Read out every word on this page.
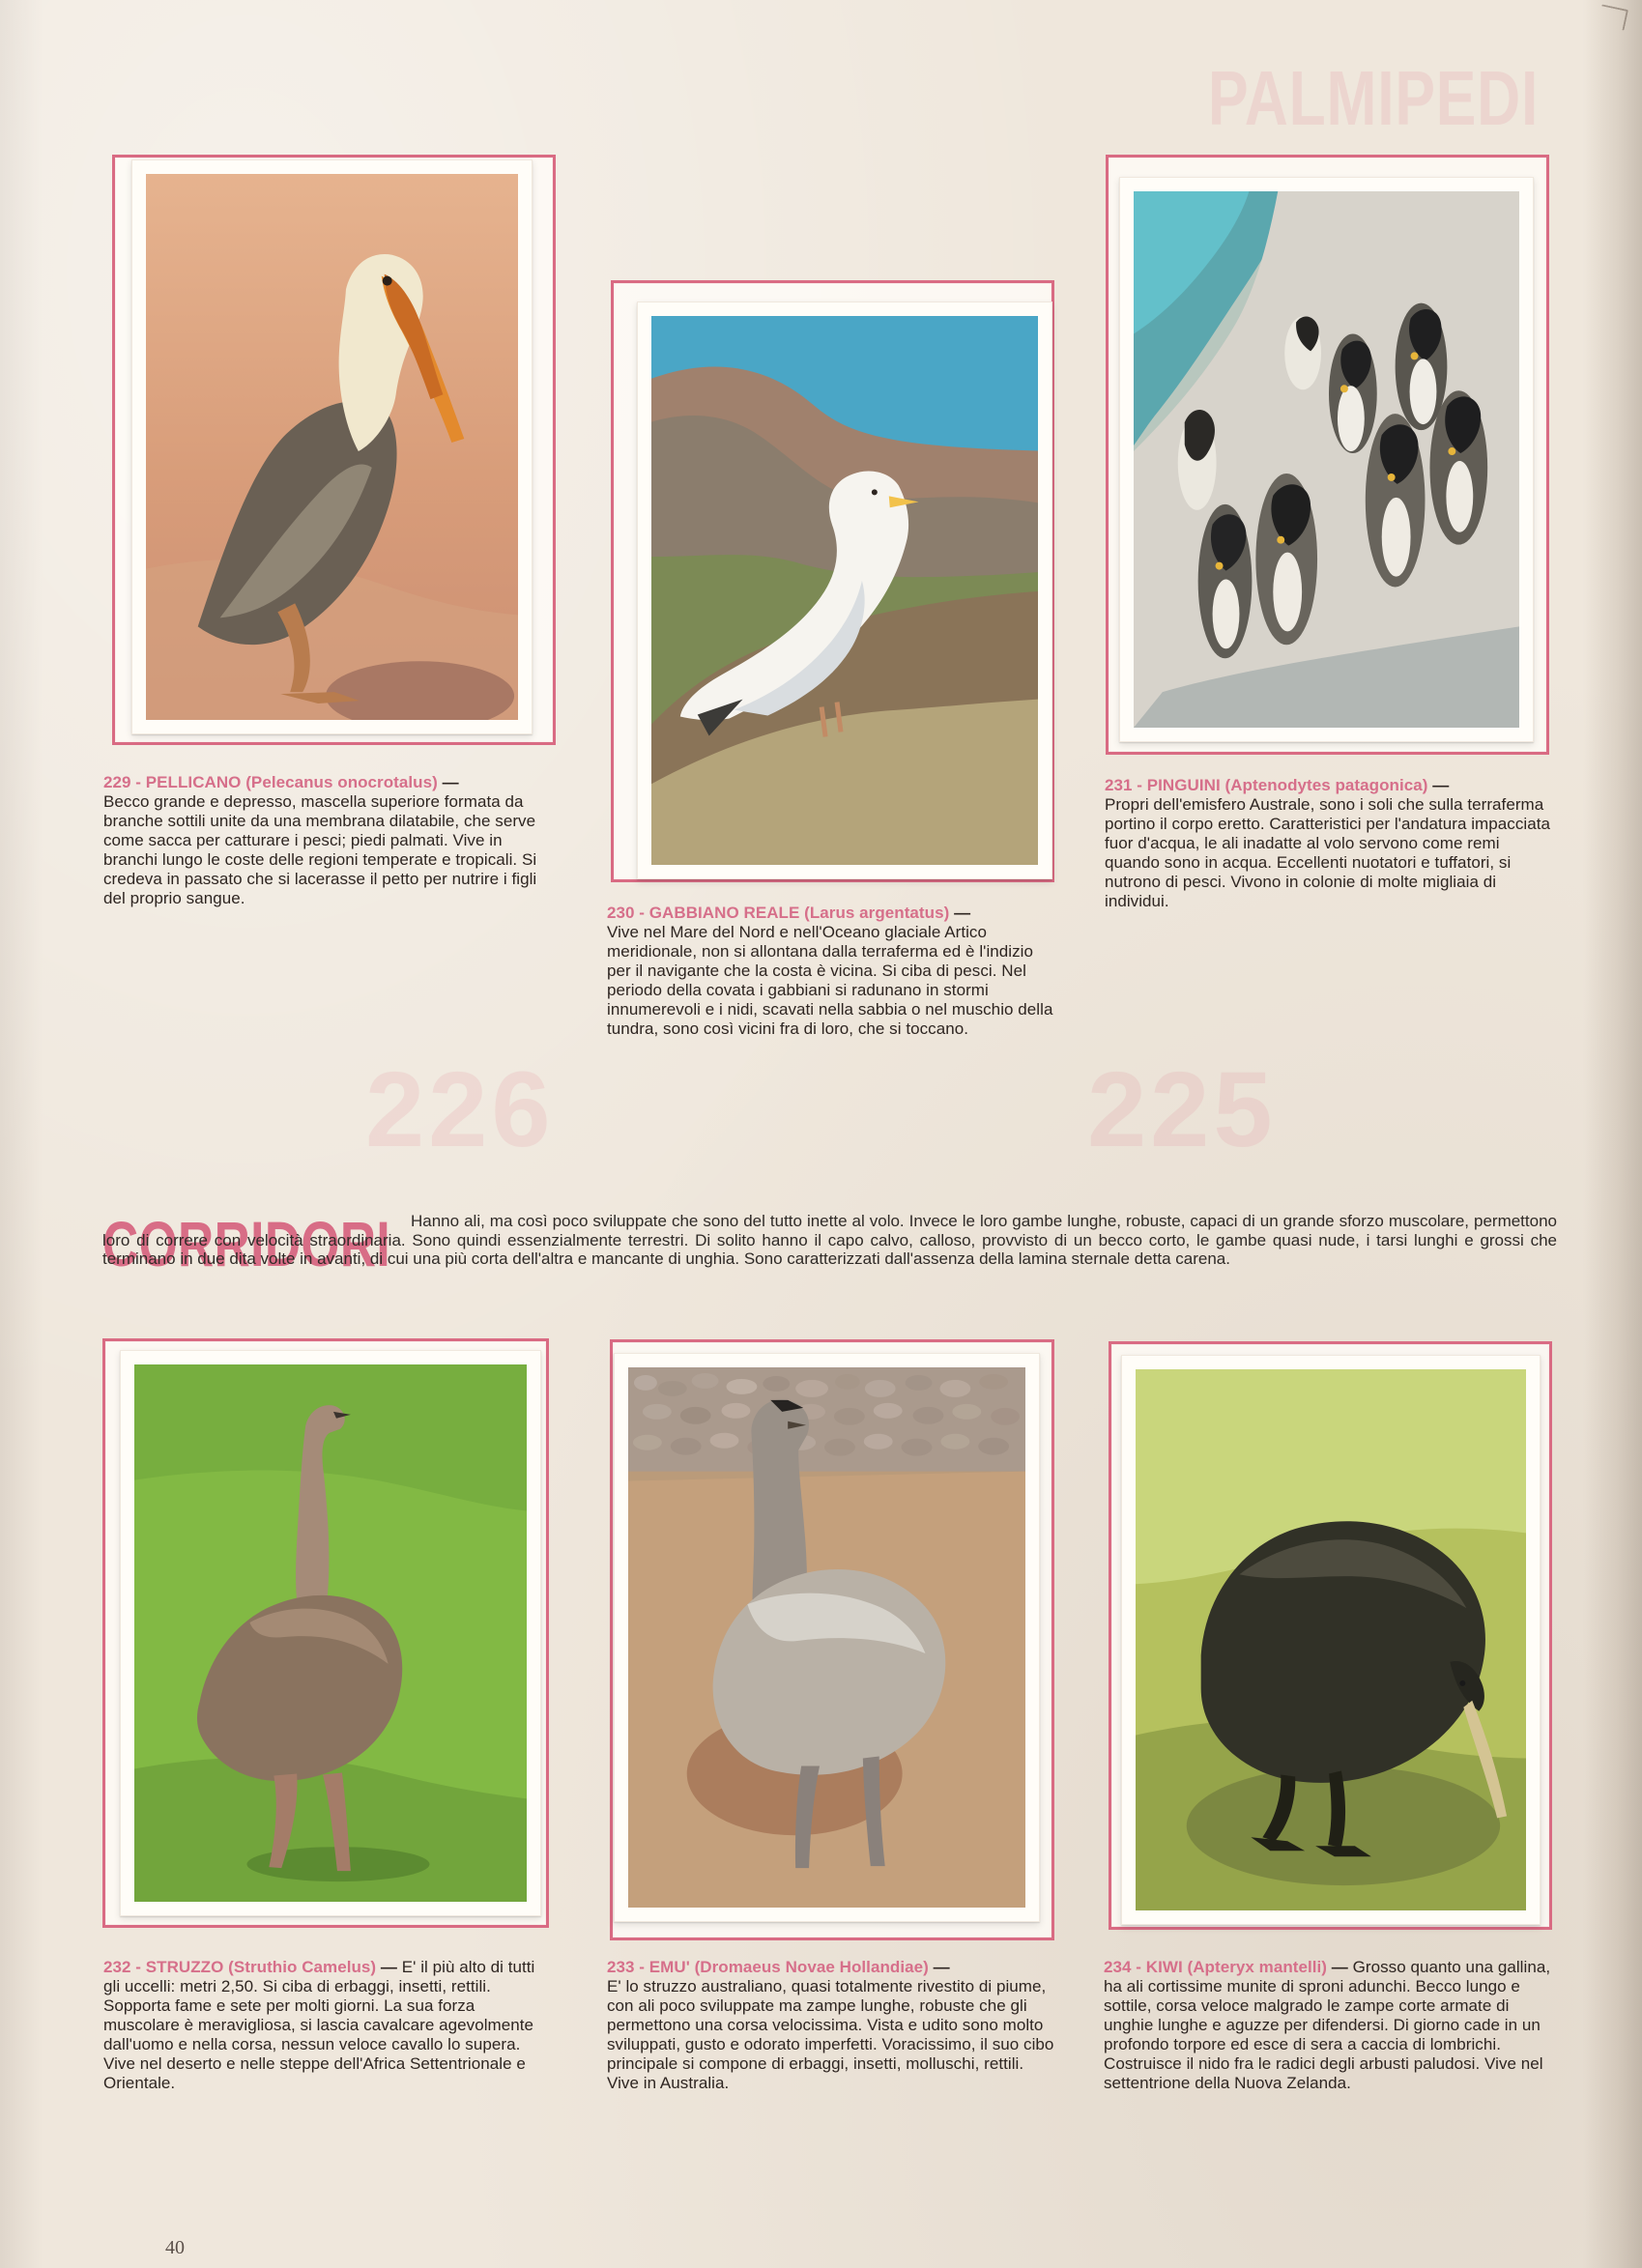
PALMIPEDI
226	225
229 - PELLICANO (Pelecanus onocrotalus) —
Becco grande e depresso, mascella superiore formata da branche sottili unite da una membrana dilatabile, che serve come sacca per catturare i pesci; piedi palmati. Vive in branchi lungo le coste delle regioni temperate e tropicali. Si credeva in passato che si lacerasse il petto per nutrire i figli del proprio sangue.
230 - GABBIANO REALE (Larus argentatus) —
Vive nel Mare del Nord e nell'Oceano glaciale Artico meridionale, non si allontana dalla terraferma ed è l'indizio per il navigante che la costa è vicina. Si ciba di pesci. Nel periodo della covata i gabbiani si radunano in stormi innumerevoli e i nidi, scavati nella sabbia o nel muschio della tundra, sono così vicini fra di loro, che si toccano.
231 - PINGUINI (Aptenodytes patagonica) —
Propri dell'emisfero Australe, sono i soli che sulla terraferma portino il corpo eretto. Caratteristici per l'andatura impacciata fuor d'acqua, le ali inadatte al volo servono come remi quando sono in acqua. Eccellenti nuotatori e tuffatori, si nutrono di pesci. Vivono in colonie di molte migliaia di individui.
CORRIDORI	Hanno ali, ma così poco sviluppate che sono del tutto inette al volo. Invece le loro gambe lunghe, robuste, capaci di un grande sforzo muscolare, permettono loro di correre con velocità straordinaria. Sono quindi essenzialmente terrestri. Di solito hanno il capo calvo, calloso, provvisto di un becco corto, le gambe quasi nude, i tarsi lunghi e grossi che terminano in due dita volte in avanti, di cui una più corta dell'altra e mancante di unghia. Sono caratterizzati dall'assenza della lamina sternale detta carena.
232 - STRUZZO (Struthio Camelus) — E' il più alto di tutti gli uccelli: metri 2,50. Si ciba di erbaggi, insetti, rettili. Sopporta fame e sete per molti giorni. La sua forza muscolare è meravigliosa, si lascia cavalcare agevolmente dall'uomo e nella corsa, nessun veloce cavallo lo supera. Vive nel deserto e nelle steppe dell'Africa Settentrionale e Orientale.
233 - EMU' (Dromaeus Novae Hollandiae) —
E' lo struzzo australiano, quasi totalmente rivestito di piume, con ali poco sviluppate ma zampe lunghe, robuste che gli permettono una corsa velocissima. Vista e udito sono molto sviluppati, gusto e odorato imperfetti. Voracissimo, il suo cibo principale si compone di erbaggi, insetti, molluschi, rettili. Vive in Australia.
234 - KIWI (Apteryx mantelli) — Grosso quanto una gallina, ha ali cortissime munite di sproni adunchi. Becco lungo e sottile, corsa veloce malgrado le zampe corte armate di unghie lunghe e aguzze per difendersi. Di giorno cade in un profondo torpore ed esce di sera a caccia di lombrichi. Costruisce il nido fra le radici degli arbusti paludosi. Vive nel settentrione della Nuova Zelanda.
40
